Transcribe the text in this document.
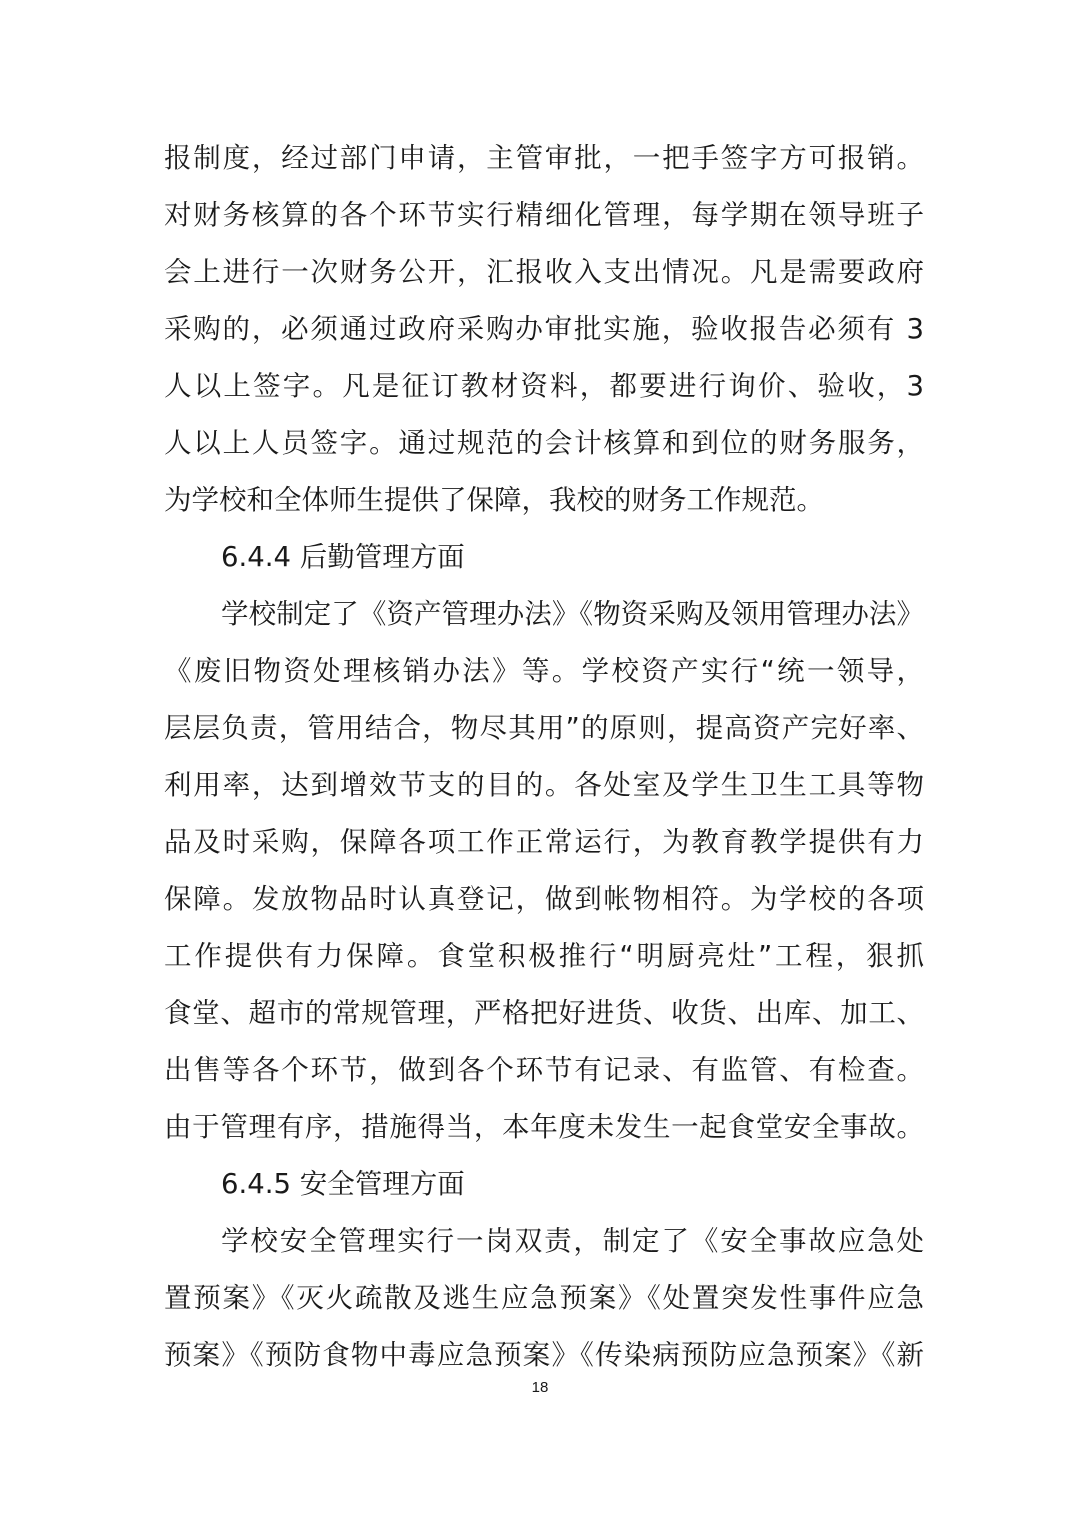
报制度，经过部门申请，主管审批，一把手签字方可报销。
对财务核算的各个环节实行精细化管理，每学期在领导班子
会上进行一次财务公开，汇报收入支出情况。凡是需要政府
采购的，必须通过政府采购办审批实施，验收报告必须有 3
人以上签字。凡是征订教材资料，都要进行询价、验收，3
人以上人员签字。通过规范的会计核算和到位的财务服务，
为学校和全体师生提供了保障，我校的财务工作规范。
6.4.4 后勤管理方面
学校制定了《资产管理办法》《物资采购及领用管理办法》
《废旧物资处理核销办法》等。学校资产实行“统一领导，
层层负责，管用结合，物尽其用”的原则，提高资产完好率、
利用率，达到增效节支的目的。各处室及学生卫生工具等物
品及时采购，保障各项工作正常运行，为教育教学提供有力
保障。发放物品时认真登记，做到帐物相符。为学校的各项
工作提供有力保障。食堂积极推行“明厨亮灶”工程，狠抓
食堂、超市的常规管理，严格把好进货、收货、出库、加工、
出售等各个环节，做到各个环节有记录、有监管、有检查。
由于管理有序，措施得当，本年度未发生一起食堂安全事故。
6.4.5 安全管理方面
学校安全管理实行一岗双责，制定了《安全事故应急处
置预案》《灭火疏散及逃生应急预案》《处置突发性事件应急
预案》《预防食物中毒应急预案》《传染病预防应急预案》《新
18
